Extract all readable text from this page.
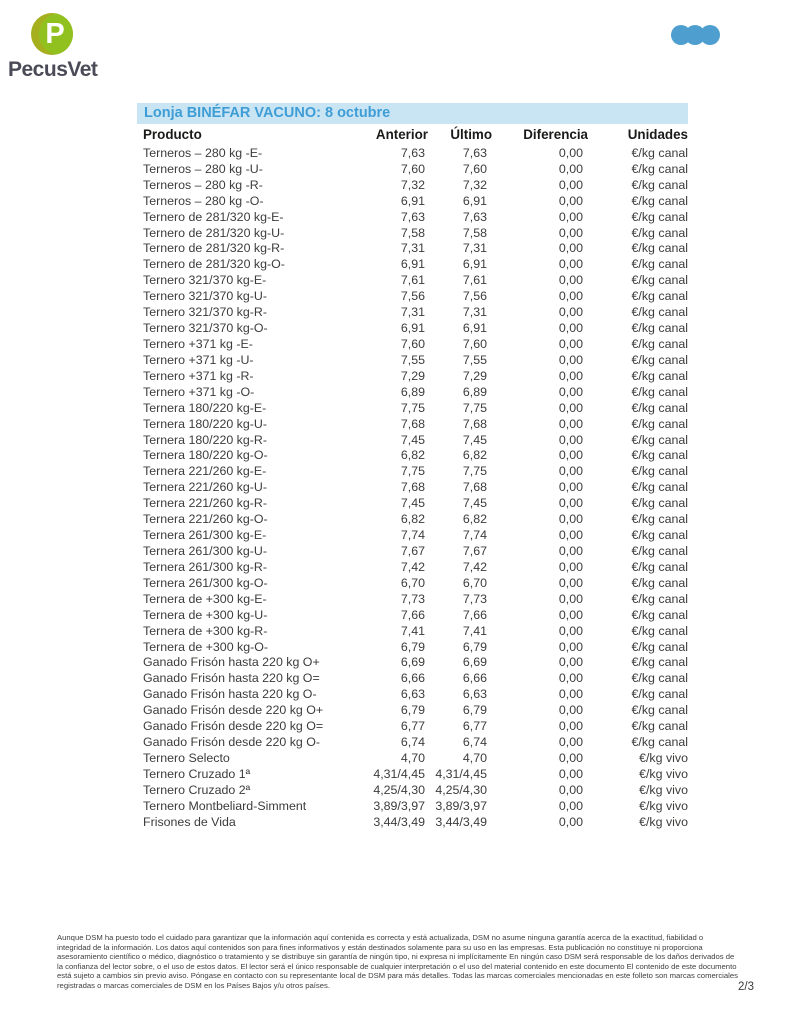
P
PecusVet
Lonja BINÉFAR VACUNO: 8 octubre
Producto	Anterior	Último	Diferencia	Unidades
Terneros – 280 kg -E-	7,63	7,63	0,00	€/kg canal
Terneros – 280 kg -U-	7,60	7,60	0,00	€/kg canal
Terneros – 280 kg -R-	7,32	7,32	0,00	€/kg canal
Terneros – 280 kg -O-	6,91	6,91	0,00	€/kg canal
Ternero de 281/320 kg-E-	7,63	7,63	0,00	€/kg canal
Ternero de 281/320 kg-U-	7,58	7,58	0,00	€/kg canal
Ternero de 281/320 kg-R-	7,31	7,31	0,00	€/kg canal
Ternero de 281/320 kg-O-	6,91	6,91	0,00	€/kg canal
Ternero 321/370 kg-E-	7,61	7,61	0,00	€/kg canal
Ternero 321/370 kg-U-	7,56	7,56	0,00	€/kg canal
Ternero 321/370 kg-R-	7,31	7,31	0,00	€/kg canal
Ternero 321/370 kg-O-	6,91	6,91	0,00	€/kg canal
Ternero +371 kg -E-	7,60	7,60	0,00	€/kg canal
Ternero +371 kg -U-	7,55	7,55	0,00	€/kg canal
Ternero +371 kg -R-	7,29	7,29	0,00	€/kg canal
Ternero +371 kg -O-	6,89	6,89	0,00	€/kg canal
Ternera 180/220 kg-E-	7,75	7,75	0,00	€/kg canal
Ternera 180/220 kg-U-	7,68	7,68	0,00	€/kg canal
Ternera 180/220 kg-R-	7,45	7,45	0,00	€/kg canal
Ternera 180/220 kg-O-	6,82	6,82	0,00	€/kg canal
Ternera 221/260 kg-E-	7,75	7,75	0,00	€/kg canal
Ternera 221/260 kg-U-	7,68	7,68	0,00	€/kg canal
Ternera 221/260 kg-R-	7,45	7,45	0,00	€/kg canal
Ternera 221/260 kg-O-	6,82	6,82	0,00	€/kg canal
Ternera 261/300 kg-E-	7,74	7,74	0,00	€/kg canal
Ternera 261/300 kg-U-	7,67	7,67	0,00	€/kg canal
Ternera 261/300 kg-R-	7,42	7,42	0,00	€/kg canal
Ternera 261/300 kg-O-	6,70	6,70	0,00	€/kg canal
Ternera de +300 kg-E-	7,73	7,73	0,00	€/kg canal
Ternera de +300 kg-U-	7,66	7,66	0,00	€/kg canal
Ternera de +300 kg-R-	7,41	7,41	0,00	€/kg canal
Ternera de +300 kg-O-	6,79	6,79	0,00	€/kg canal
Ganado Frisón hasta 220 kg O+	6,69	6,69	0,00	€/kg canal
Ganado Frisón hasta 220 kg O=	6,66	6,66	0,00	€/kg canal
Ganado Frisón hasta 220 kg O-	6,63	6,63	0,00	€/kg canal
Ganado Frisón desde 220 kg O+	6,79	6,79	0,00	€/kg canal
Ganado Frisón desde 220 kg O=	6,77	6,77	0,00	€/kg canal
Ganado Frisón desde 220 kg O-	6,74	6,74	0,00	€/kg canal
Ternero Selecto	4,70	4,70	0,00	€/kg vivo
Ternero Cruzado 1ª	4,31/4,45	4,31/4,45	0,00	€/kg vivo
Ternero Cruzado 2ª	4,25/4,30	4,25/4,30	0,00	€/kg vivo
Ternero Montbeliard-Simment	3,89/3,97	3,89/3,97	0,00	€/kg vivo
Frisones de Vida	3,44/3,49	3,44/3,49	0,00	€/kg vivo
Aunque DSM ha puesto todo el cuidado para garantizar que la información aquí contenida es correcta y está actualizada, DSM no asume ninguna garantía acerca de la exactitud, fiabilidad o integridad de la información. Los datos aquí contenidos son para fines informativos y están destinados solamente para su uso en las empresas. Esta publicación no constituye ni proporciona asesoramiento científico o médico, diagnóstico o tratamiento y se distribuye sin garantía de ningún tipo, ni expresa ni implícitamente En ningún caso DSM será responsable de los daños derivados de la confianza del lector sobre, o el uso de estos datos. El lector será el único responsable de cualquier interpretación o el uso del material contenido en este documento El contenido de este documento está sujeto a cambios sin previo aviso. Póngase en contacto con su representante local de DSM para más detalles. Todas las marcas comerciales mencionadas en este folleto son marcas comerciales registradas o marcas comerciales de DSM en los Países Bajos y/u otros países.	2/3
